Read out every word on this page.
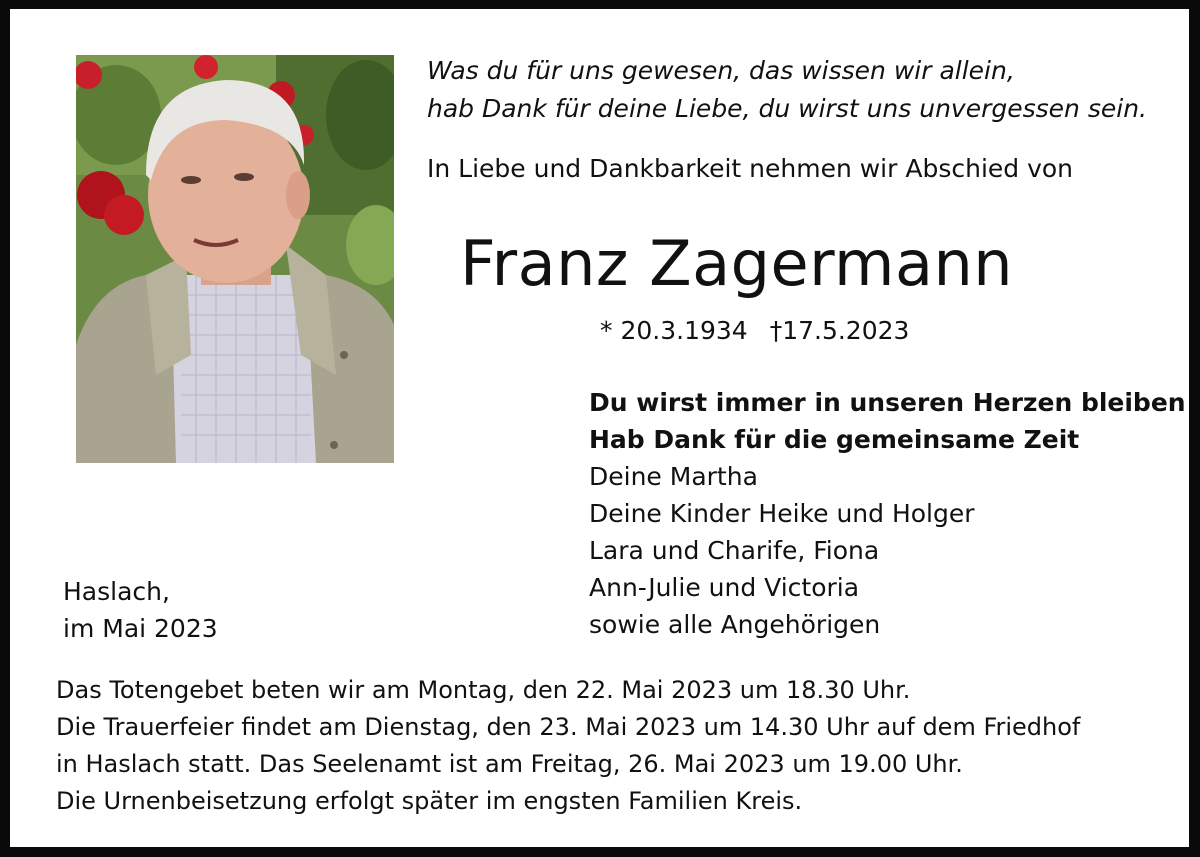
Was du für uns gewesen, das wissen wir allein,
hab Dank für deine Liebe, du wirst uns unvergessen sein.
In Liebe und Dankbarkeit nehmen wir Abschied von
Franz Zagermann
* 20.3.1934 †17.5.2023
Du wirst immer in unseren Herzen bleiben
Hab Dank für die gemeinsame Zeit
Deine Martha
Deine Kinder Heike und Holger
Lara und Charife, Fiona
Ann-Julie und Victoria
sowie alle Angehörigen
Haslach,
im Mai 2023
Das Totengebet beten wir am Montag, den 22. Mai 2023 um 18.30 Uhr.
Die Trauerfeier findet am Dienstag, den 23. Mai 2023 um 14.30 Uhr auf dem Friedhof
in Haslach statt. Das Seelenamt ist am Freitag, 26. Mai 2023 um 19.00 Uhr.
Die Urnenbeisetzung erfolgt später im engsten Familien Kreis.
